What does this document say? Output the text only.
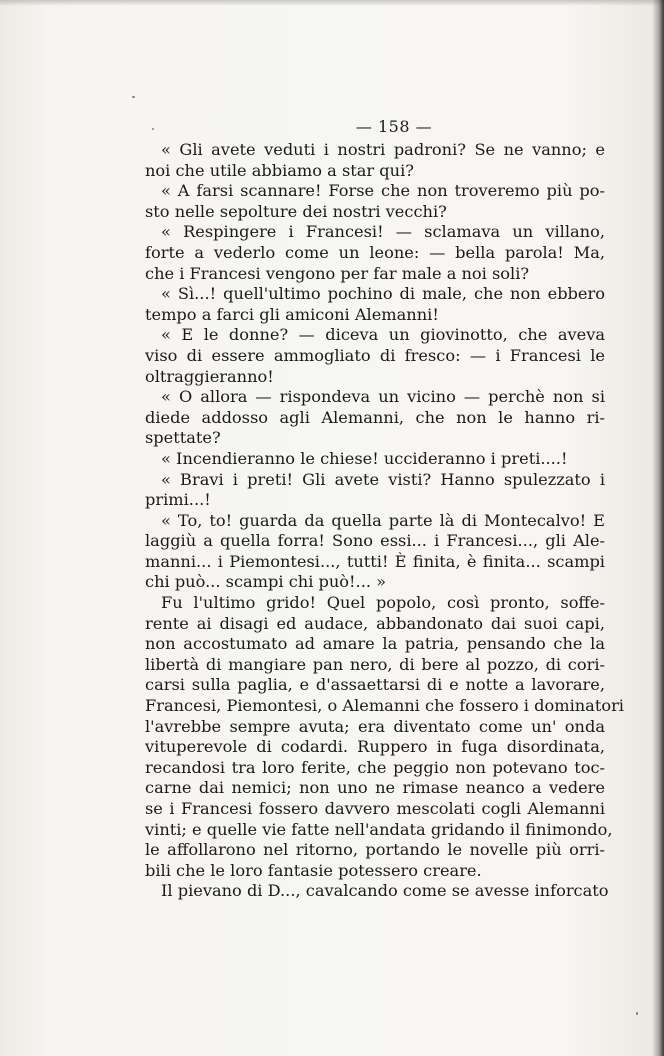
— 158 —
« Gli avete veduti i nostri padroni? Se ne vanno; e
noi che utile abbiamo a star qui?
« A farsi scannare! Forse che non troveremo più po-
sto nelle sepolture dei nostri vecchi?
« Respingere i Francesi! — sclamava un villano,
forte a vederlo come un leone: — bella parola! Ma,
che i Francesi vengono per far male a noi soli?
« Sì...! quell'ultimo pochino di male, che non ebbero
tempo a farci gli amiconi Alemanni!
« E le donne? — diceva un giovinotto, che aveva
viso di essere ammogliato di fresco: — i Francesi le
oltraggieranno!
« O allora — rispondeva un vicino — perchè non si
diede addosso agli Alemanni, che non le hanno ri-
spettate?
« Incendieranno le chiese! uccideranno i preti....!
« Bravi i preti! Gli avete visti? Hanno spulezzato i
primi...!
« To, to! guarda da quella parte là di Montecalvo! E
laggiù a quella forra! Sono essi... i Francesi..., gli Ale-
manni... i Piemontesi..., tutti! È finita, è finita... scampi
chi può... scampi chi può!... »
Fu l'ultimo grido! Quel popolo, così pronto, soffe-
rente ai disagi ed audace, abbandonato dai suoi capi,
non accostumato ad amare la patria, pensando che la
libertà di mangiare pan nero, di bere al pozzo, di cori-
carsi sulla paglia, e d'assaettarsi di e notte a lavorare,
Francesi, Piemontesi, o Alemanni che fossero i dominatori
l'avrebbe sempre avuta; era diventato come un' onda
vituperevole di codardi. Ruppero in fuga disordinata,
recandosi tra loro ferite, che peggio non potevano toc-
carne dai nemici; non uno ne rimase neanco a vedere
se i Francesi fossero davvero mescolati cogli Alemanni
vinti; e quelle vie fatte nell'andata gridando il finimondo,
le affollarono nel ritorno, portando le novelle più orri-
bili che le loro fantasie potessero creare.
Il pievano di D..., cavalcando come se avesse inforcato
